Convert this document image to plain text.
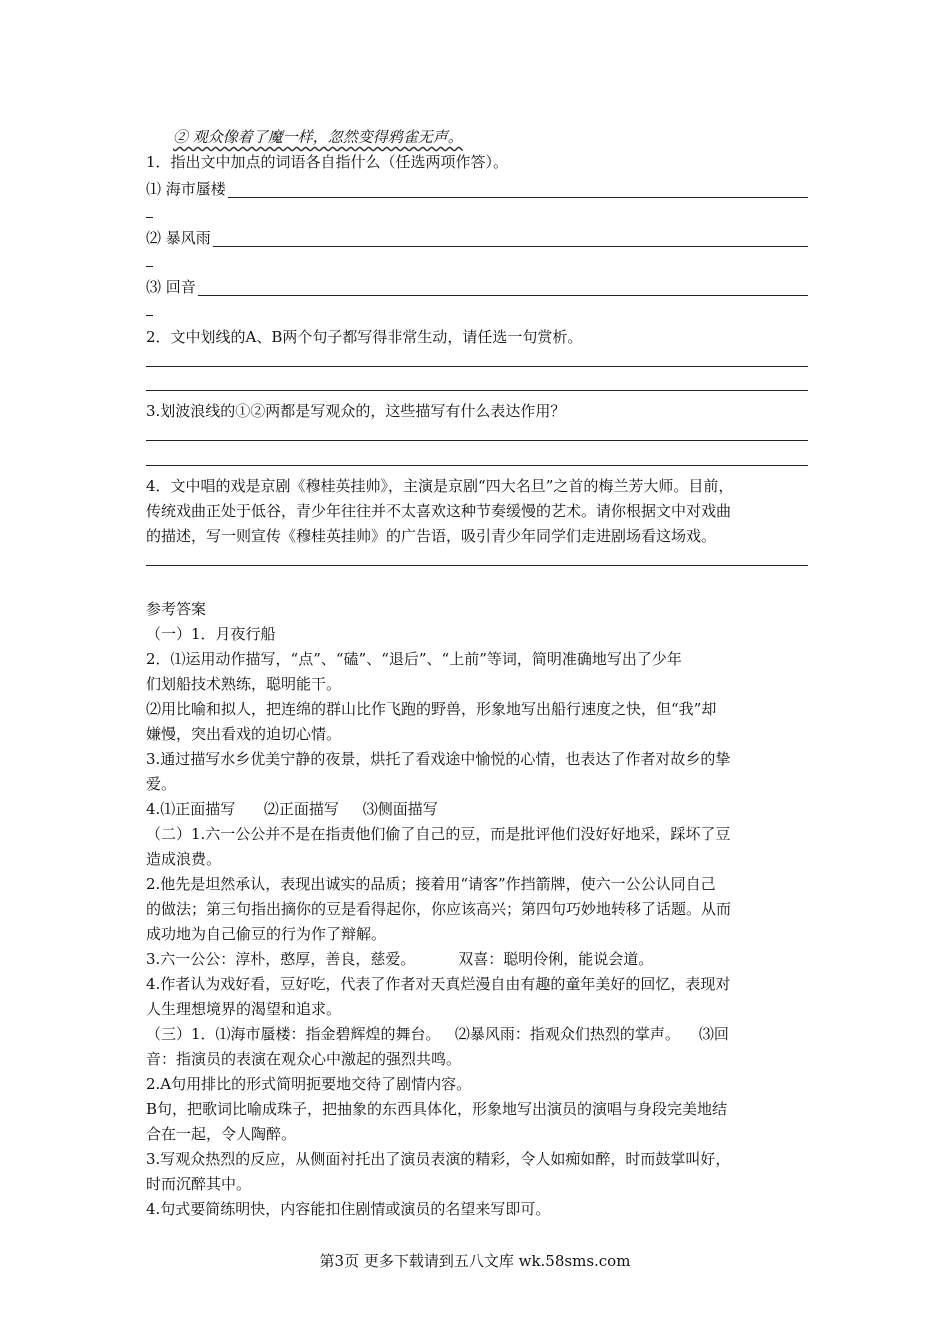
② 观众像着了魔一样，忽然变得鸦雀无声。
1．指出文中加点的词语各自指什么（任选两项作答）。
⑴ 海市蜃楼
⑵ 暴风雨
⑶ 回音
2．文中划线的A、B两个句子都写得非常生动，请任选一句赏析。
3.划波浪线的①②两都是写观众的，这些描写有什么表达作用？
4．文中唱的戏是京剧《穆桂英挂帅》，主演是京剧“四大名旦”之首的梅兰芳大师。目前，
传统戏曲正处于低谷，青少年往往并不太喜欢这种节奏缓慢的艺术。请你根据文中对戏曲
的描述，写一则宣传《穆桂英挂帅》的广告语，吸引青少年同学们走进剧场看这场戏。
参考答案
（一）1．月夜行船
2．⑴运用动作描写，“点”、“磕”、“退后”、“上前”等词，简明准确地写出了少年
们划船技术熟练，聪明能干。
⑵用比喻和拟人，把连绵的群山比作飞跑的野兽，形象地写出船行速度之快，但“我”却
嫌慢，突出看戏的迫切心情。
3.通过描写水乡优美宁静的夜景，烘托了看戏途中愉悦的心情，也表达了作者对故乡的挚
爱。
4.⑴正面描写      ⑵正面描写     ⑶侧面描写
（二）1.六一公公并不是在指责他们偷了自己的豆，而是批评他们没好好地采，踩坏了豆
造成浪费。
2.他先是坦然承认，表现出诚实的品质；接着用“请客”作挡箭牌，使六一公公认同自己
的做法；第三句指出摘你的豆是看得起你，你应该高兴；第四句巧妙地转移了话题。从而
成功地为自己偷豆的行为作了辩解。
3.六一公公：淳朴，憨厚，善良，慈爱。         双喜：聪明伶俐，能说会道。
4.作者认为戏好看，豆好吃，代表了作者对天真烂漫自由有趣的童年美好的回忆，表现对
人生理想境界的渴望和追求。
（三）1．⑴海市蜃楼：指金碧辉煌的舞台。   ⑵暴风雨：指观众们热烈的掌声。    ⑶回
音：指演员的表演在观众心中激起的强烈共鸣。
2.A句用排比的形式简明扼要地交待了剧情内容。
B句，把歌词比喻成珠子，把抽象的东西具体化，形象地写出演员的演唱与身段完美地结
合在一起，令人陶醉。
3.写观众热烈的反应，从侧面衬托出了演员表演的精彩，令人如痴如醉，时而鼓掌叫好，
时而沉醉其中。
4.句式要简练明快，内容能扣住剧情或演员的名望来写即可。
第3页 更多下载请到五八文库 wk.58sms.com
